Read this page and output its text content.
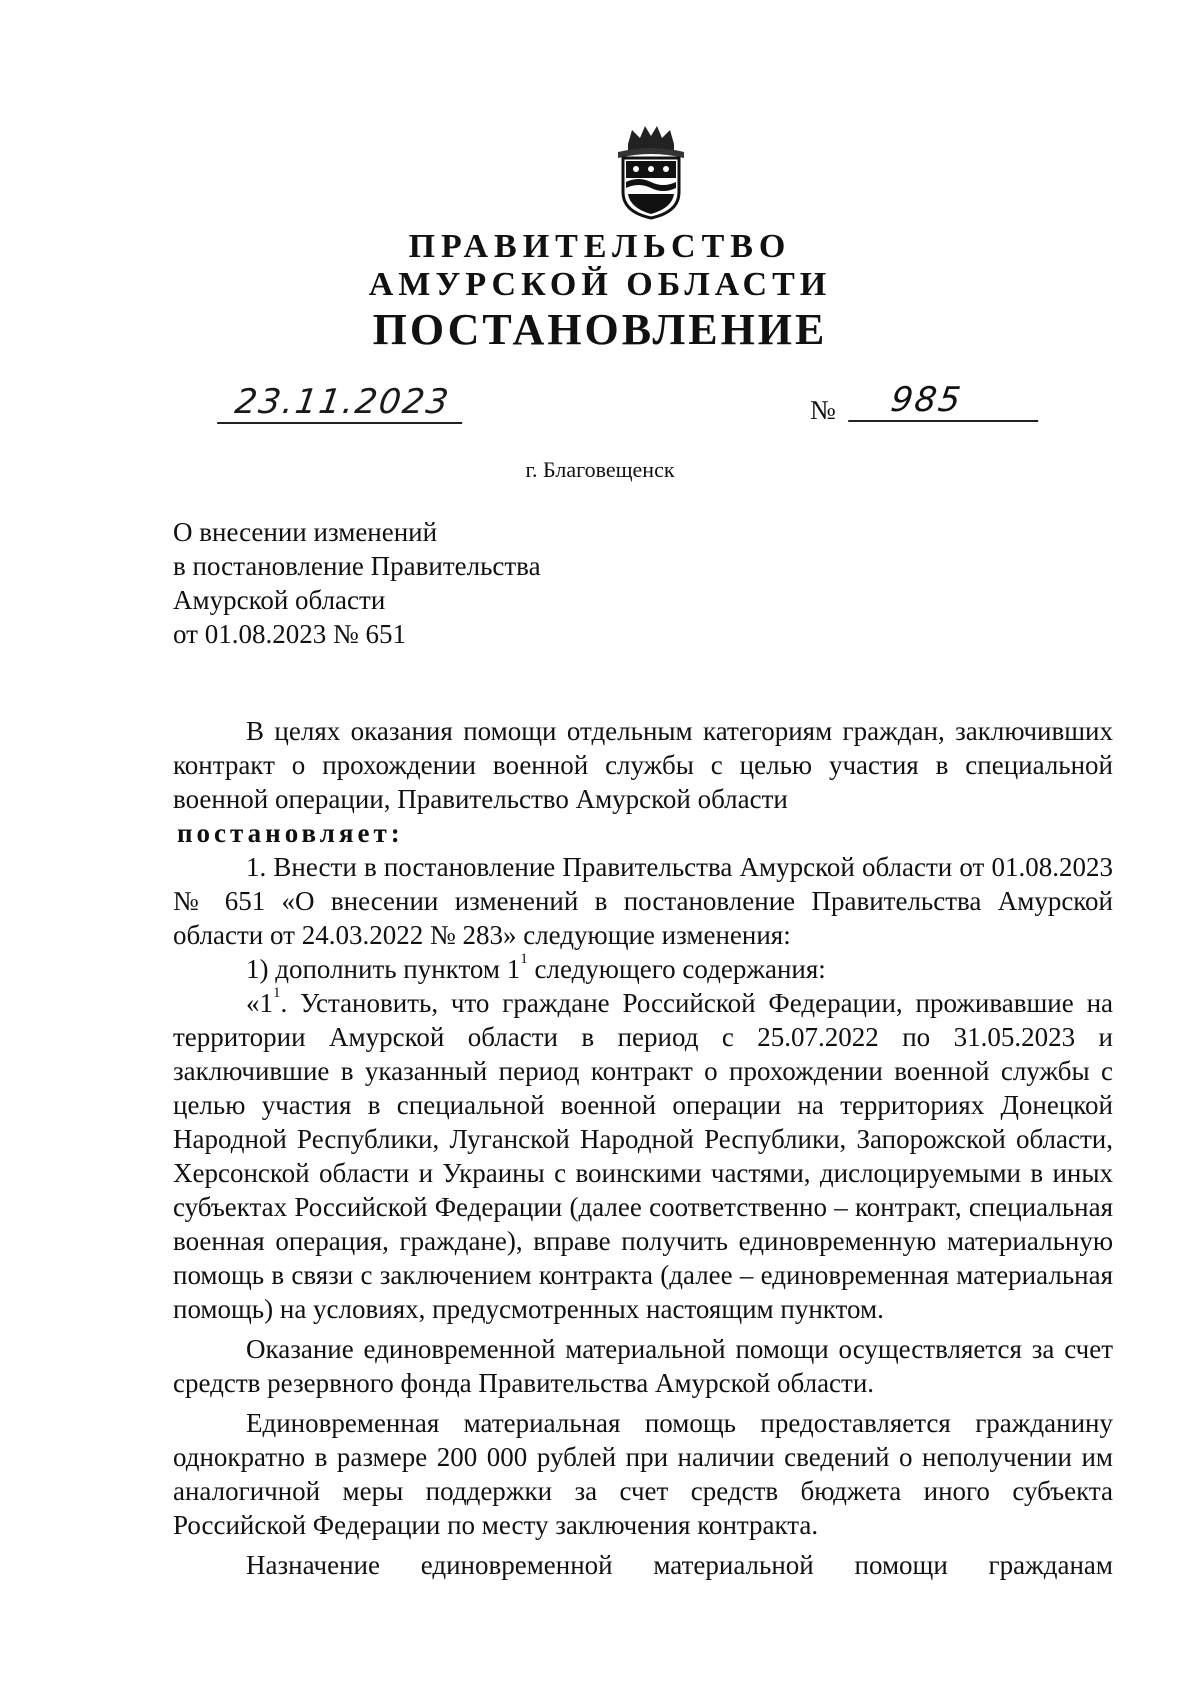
ПРАВИТЕЛЬСТВО
АМУРСКОЙ ОБЛАСТИ
ПОСТАНОВЛЕНИЕ
23.11.2023	№	985
г. Благовещенск
О внесении изменений
в постановление Правительства
Амурской области
от 01.08.2023 № 651

В целях оказания помощи отдельным категориям граждан, заключивших контракт о прохождении военной службы с целью участия в специальной военной операции, Правительство Амурской области

постановляет:

1. Внести в постановление Правительства Амурской области от 01.08.2023 № 651 «О внесении изменений в постановление Правительства Амурской области от 24.03.2022 № 283» следующие изменения:

1) дополнить пунктом $1^1$ следующего содержания:

«$1^1$. Установить, что граждане Российской Федерации, проживавшие на территории Амурской области в период с 25.07.2022 по 31.05.2023 и заключившие в указанный период контракт о прохождении военной службы с целью участия в специальной военной операции на территориях Донецкой Народной Республики, Луганской Народной Республики, Запорожской области, Херсонской области и Украины с воинскими частями, дислоцируемыми в иных субъектах Российской Федерации (далее соответственно – контракт, специальная военная операция, граждане), вправе получить единовременную материальную помощь в связи с заключением контракта (далее – единовременная материальная помощь) на условиях, предусмотренных настоящим пунктом.

Оказание единовременной материальной помощи осуществляется за счет средств резервного фонда Правительства Амурской области.

Единовременная материальная помощь предоставляется гражданину однократно в размере 200 000 рублей при наличии сведений о неполучении им аналогичной меры поддержки за счет средств бюджета иного субъекта Российской Федерации по месту заключения контракта.

Назначение единовременной материальной помощи гражданам
